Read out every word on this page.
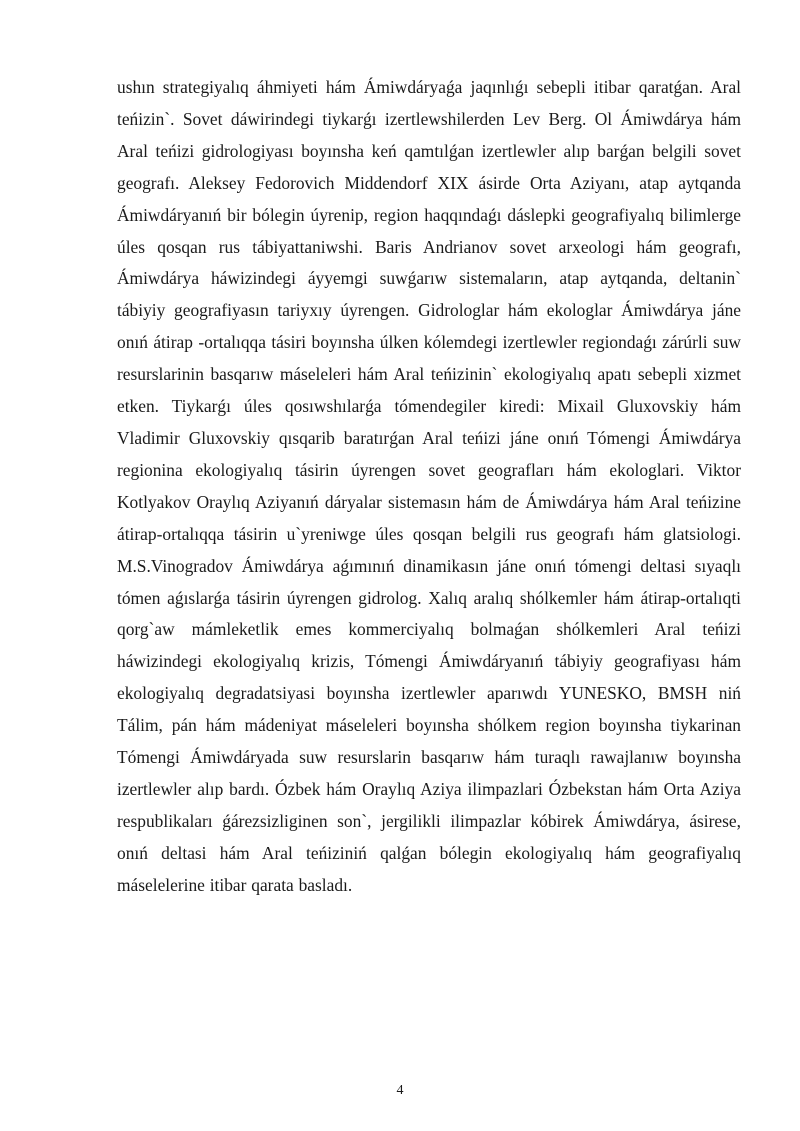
ushın strategiyalıq áhmiyeti hám Ámiwdáryaǵa jaqınlıǵı sebepli itibar qaratǵan. Aral teńizin`. Sovet dáwirindegi tiykarǵı izertlewshilerden Lev Berg. Ol Ámiwdárya hám Aral teńizi gidrologiyası boyınsha keń qamtılǵan izertlewler alıp barǵan belgili sovet geografı. Aleksey Fedorovich Middendorf XIX ásirde Orta Aziyanı, atap aytqanda Ámiwdáryanıń bir bólegin úyrenip, region haqqındaǵı dáslepki geografiyalıq bilimlerge úles qosqan rus tábiyattaniwshi. Baris Andrianov sovet arxeologi hám geografı, Ámiwdárya háwizindegi áyyemgi suwǵarıw sistemaların, atap aytqanda, deltanin` tábiyiy geografiyasın tariyxıy úyrengen. Gidrologlar hám ekologlar Ámiwdárya jáne onıń átirap -ortalıqqa tásiri boyınsha úlken kólemdegi izertlewler regiondaǵı zárúrli suw resurslarinin basqarıw máseleleri hám Aral teńizinin` ekologiyalıq apatı sebepli xizmet etken. Tiykarǵı úles qosıwshılarǵa tómendegiler kiredi: Mixail Gluxovskiy hám Vladimir Gluxovskiy qısqarib baratırǵan Aral teńizi jáne onıń Tómengi Ámiwdárya regionina ekologiyalıq tásirin úyrengen sovet geografları hám ekologlari. Viktor Kotlyakov Oraylıq Aziyanıń dáryalar sistemasın hám de Ámiwdárya hám Aral teńizine átirap-ortalıqqa tásirin u`yreniwge úles qosqan belgili rus geografı hám glatsiologi. M.S.Vinogradov Ámiwdárya aǵımınıń dinamikasın jáne onıń tómengi deltasi sıyaqlı tómen aǵıslarǵa tásirin úyrengen gidrolog. Xalıq aralıq shólkemler hám átirap-ortalıqti qorg`aw mámleketlik emes kommerciyalıq bolmaǵan shólkemleri Aral teńizi háwizindegi ekologiyalıq krizis, Tómengi Ámiwdáryanıń tábiyiy geografiyası hám ekologiyalıq degradatsiyasi boyınsha izertlewler aparıwdı YUNESKO, BMSH niń Tálim, pán hám mádeniyat máseleleri boyınsha shólkem region boyınsha tiykarinan Tómengi Ámiwdáryada suw resurslarin basqarıw hám turaqlı rawajlanıw boyınsha izertlewler alıp bardı. Ózbek hám Oraylıq Aziya ilimpazlari Ózbekstan hám Orta Aziya respublikaları ǵárezsizliginen son`, jergilikli ilimpazlar kóbirek Ámiwdárya, ásirese, onıń deltasi hám Aral teńiziniń qalǵan bólegin ekologiyalıq hám geografiyalıq máselelerine itibar qarata basladı.

4
